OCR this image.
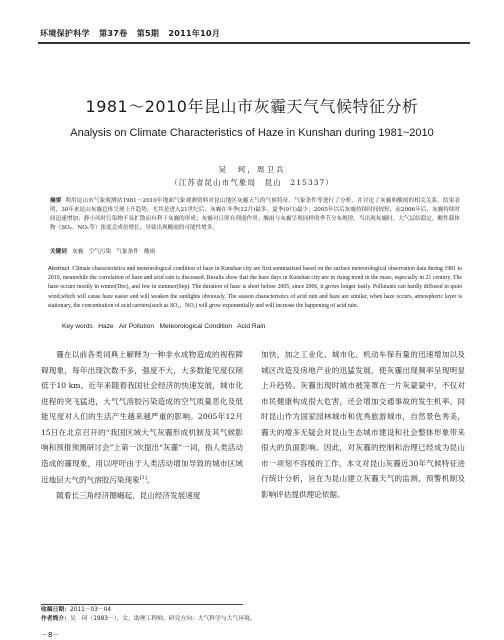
环境保护科学 第37卷 第5期 2011年10月
1981～2010年昆山市灰霾天气气候特征分析
Analysis on Climate Characteristics of Haze in Kunshan during 1981~2010
吴　珂，周卫兵
（江苏省昆山市气象局　昆山　215337）
摘要 利用昆山市气象观测站1981～2010年地面气象观测资料对昆山地区灰霾天气的气候特征、气象条件等进行了分析，并讨论了灰霾和酸雨的相关关系。结果表明，30年来昆山灰霾总体呈现上升趋势，尤其是进入21世纪后；灰霾在冬季(12月)最多，夏季(9月)最少；2005年以后灰霾持续时间较短，而2006年后，灰霾持续时间迅速增加；静小风时污染物不易扩散而有利于灰霾的形成；灰霾对日照有削弱作用；酸雨与灰霾呈现同样的季节分布规律，当出现灰霾时，大气层结稳定，酸性载体物（SO₂、NOₓ等）浓度会成倍增长，导致出现酸雨的可能性增多。
关键词 灰霾 空气污染 气象条件 酸雨
Abstract Climate characteristics and meteorological condition of haze in Kunshan city are first summarized based on the surface meteorological observation data during 1981 to 2010, meanwhile the correlation of haze and acid rain is discussed. Results show that the haze days in Kunshan city are in rising trend in the mass, especially in 21 century. The haze occurs mostly in winter(Dec), and few in summer(Sep). The duration of haze is short before 2005, since 2006, it grows longer fastly. Pollutants can hardly diffused in quiet wind,which will cause haze easier and will weaken the sunlights obviously. The season characteristics of acid rain and haze are similar, when haze occurs, atmospheric layer is stationary, the concentration of acid carriers(such as SO₂、NOₓ) will grow exponentially and will increase the happening of acid rain.
Key words Haze Air Pollution Meteorological Condition Acid Rain

霾在以前各类词典上解释为一种非水成物造成的视程障碍现象，每年出现次数不多，强度不大，大多数能见度仅削低于10 km。近年来随着我国社会经济的快速发展，城市化进程的突飞猛进，大气气溶胶污染造成的空气质量恶化及低能见度对人们的生活产生越来越严重的影响。2005年12月15日在北京召开的“我国区域大气灰霾形成机制及其气候影响和预报预测研讨会”上第一次提出“灰霾”一词，指人类活动造成的霾现象，用以呼吁由于人类活动增加导致的城市区域近地层大气的气溶胶污染现象[1]。

随着长三角经济圈崛起，昆山经济发展速度

加快，加之工业化、城市化、机动车保有量的迅速增加以及城区改造及房地产业的迅猛发展，使灰霾出现频率呈现明显上升趋势。灰霾出现时城市被笼罩在一片灰蒙蒙中，不仅对市民健康构成很大危害，还会增加交通事故的发生机率。同时昆山作为国家园林城市和优秀旅游城市，自然景色秀美，霾天的增多无疑会对昆山生态城市建设和社会整体形象带来很大的负面影响。因此，对灰霾的控制和治理已经成为昆山市一项刻不容缓的工作。本文对昆山灰霾近30年气候特征进行统计分析，旨在为昆山建立灰霾天气的监测、预警机制及影响评估提供理论依据。

收稿日期：2011－03－04
作者简介：吴　珂（1983－），女，助理工程师，研究方向：大气科学与大气环境。
－8－
